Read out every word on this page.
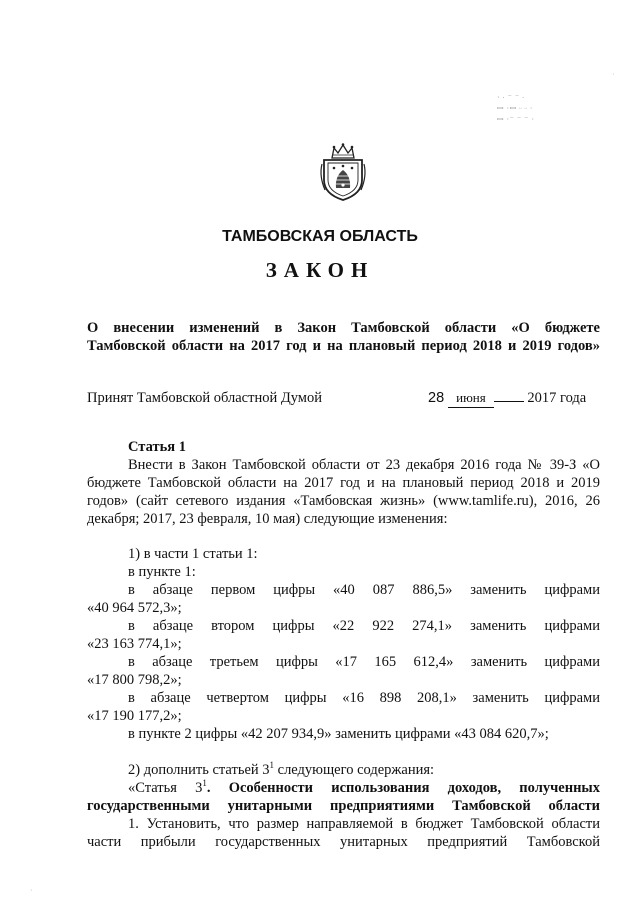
· ∙ ⁻ ⁻ ∙
ꟷ ·ꟷ ᵕ ᵕ ·
ꟷ ·⁻ ⁻ ⁻ ·
ТАМБОВСКАЯ ОБЛАСТЬ
ЗАКОН
О внесении изменений в Закон Тамбовской области «О бюджете
Тамбовской области на 2017 год и на плановый период 2018 и 2019 годов»
Принят Тамбовской областной Думой	28 июня	2017 года

Статья 1

Внести в Закон Тамбовской области от 23 декабря 2016 года № 39-З «О бюджете Тамбовской области на 2017 год и на плановый период 2018 и 2019 годов» (сайт сетевого издания «Тамбовская жизнь» (www.tamlife.ru), 2016, 26 декабря; 2017, 23 февраля, 10 мая) следующие изменения:

1) в части 1 статьи 1:

в пункте 1:

в абзаце первом цифры «40 087 886,5» заменить цифрами

«40 964 572,3»;

в абзаце втором цифры «22 922 274,1» заменить цифрами

«23 163 774,1»;

в абзаце третьем цифры «17 165 612,4» заменить цифрами

«17 800 798,2»;

в абзаце четвертом цифры «16 898 208,1» заменить цифрами

«17 190 177,2»;

в пункте 2 цифры «42 207 934,9» заменить цифрами «43 084 620,7»;

2) дополнить статьей $3^1$ следующего содержания:

«Статья $3^1$. Особенности использования доходов, полученных государственными унитарными предприятиями Тамбовской области

1. Установить, что размер направляемой в бюджет Тамбовской области

части прибыли государственных унитарных предприятий Тамбовской

·
·
